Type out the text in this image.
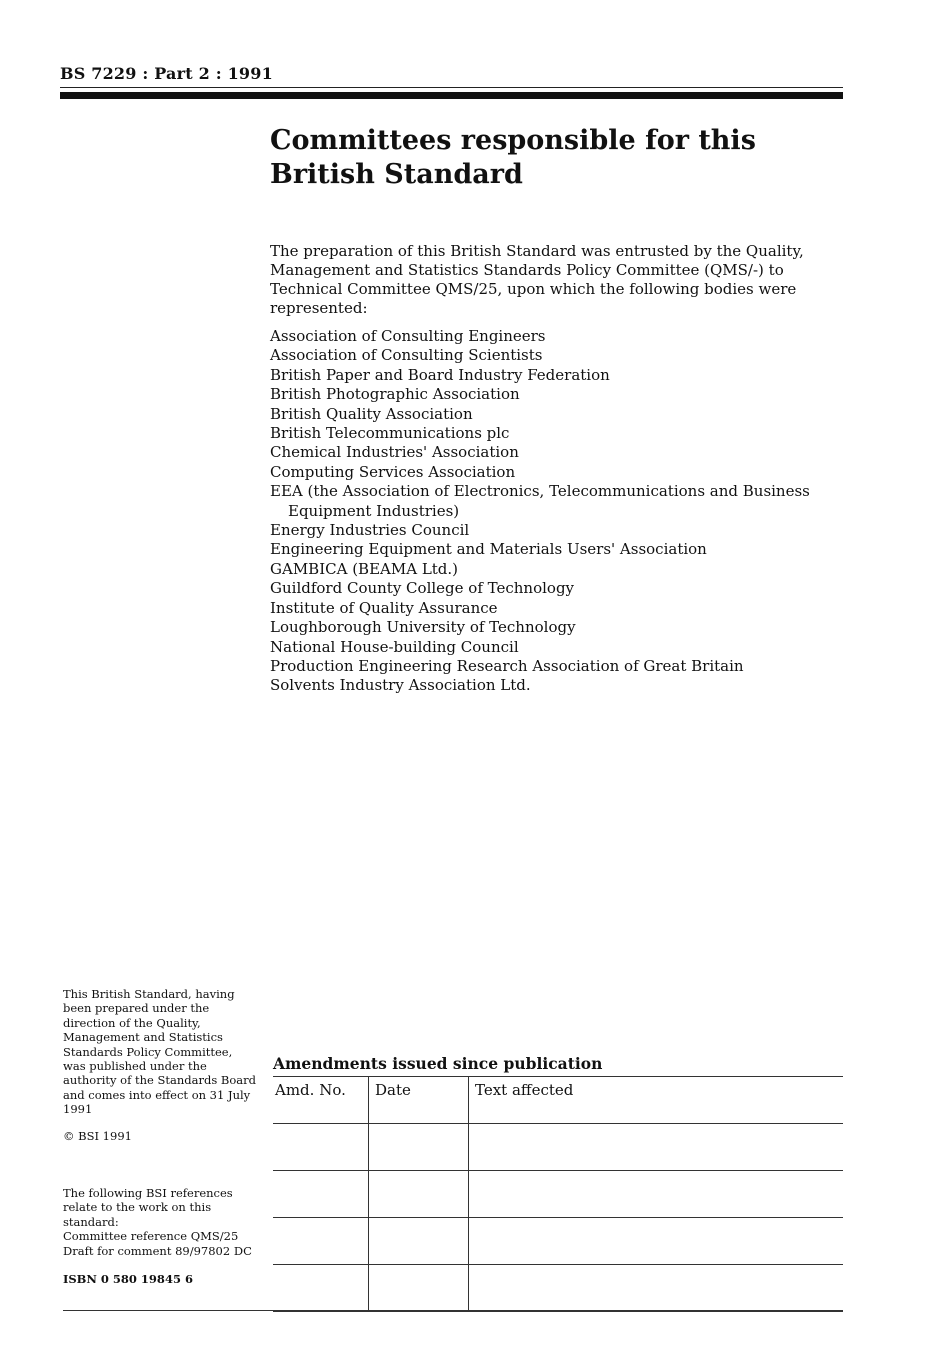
BS 7229 : Part 2 : 1991
Committees responsible for this
British Standard

The preparation of this British Standard was entrusted by the Quality, Management and Statistics Standards Policy Committee (QMS/-) to Technical Committee QMS/25, upon which the following bodies were represented:

Association of Consulting Engineers
Association of Consulting Scientists
British Paper and Board Industry Federation
British Photographic Association
British Quality Association
British Telecommunications plc
Chemical Industries' Association
Computing Services Association
EEA (the Association of Electronics, Telecommunications and Business Equipment Industries)
Energy Industries Council
Engineering Equipment and Materials Users' Association
GAMBICA (BEAMA Ltd.)
Guildford County College of Technology
Institute of Quality Assurance
Loughborough University of Technology
National House-building Council
Production Engineering Research Association of Great Britain
Solvents Industry Association Ltd.

This British Standard, having been prepared under the direction of the Quality, Management and Statistics Standards Policy Committee, was published under the authority of the Standards Board and comes into effect on 31 July 1991

© BSI 1991

The following BSI references relate to the work on this standard:
Committee reference QMS/25
Draft for comment 89/97802 DC

ISBN 0 580 19845 6

Amendments issued since publication
Amd. No.	Date	Text affected
